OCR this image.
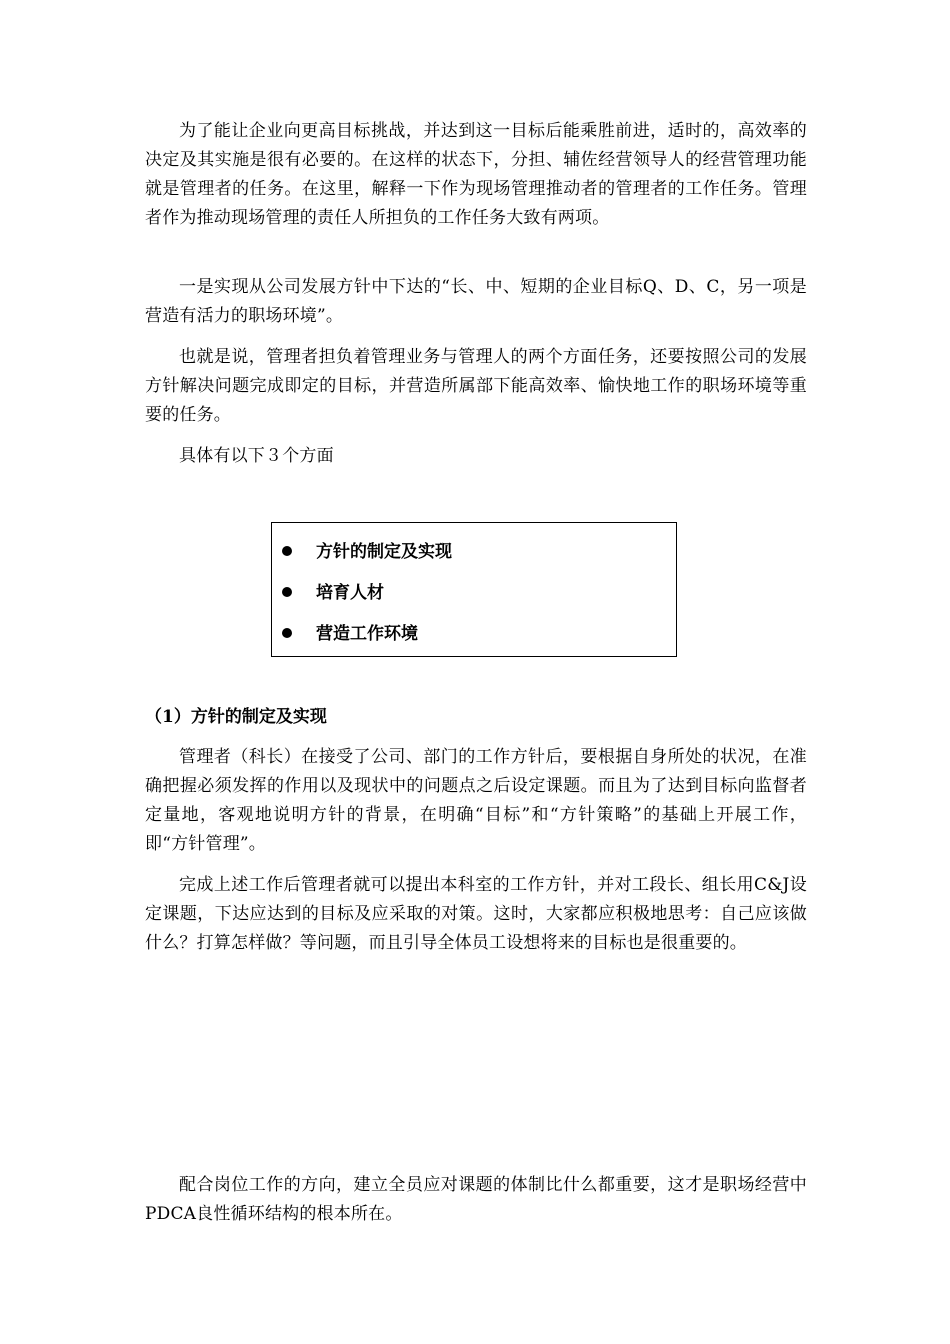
为了能让企业向更高目标挑战，并达到这一目标后能乘胜前进，适时的，高效率的决定及其实施是很有必要的。在这样的状态下，分担、辅佐经营领导人的经营管理功能就是管理者的任务。在这里，解释一下作为现场管理推动者的管理者的工作任务。管理者作为推动现场管理的责任人所担负的工作任务大致有两项。

一是实现从公司发展方针中下达的“长、中、短期的企业目标Q、D、C，另一项是营造有活力的职场环境”。

也就是说，管理者担负着管理业务与管理人的两个方面任务，还要按照公司的发展方针解决问题完成即定的目标，并营造所属部下能高效率、愉快地工作的职场环境等重要的任务。

具体有以下３个方面

方针的制定及实现
培育人材
营造工作环境
（1）方针的制定及实现

管理者（科长）在接受了公司、部门的工作方针后，要根据自身所处的状况，在准确把握必须发挥的作用以及现状中的问题点之后设定课题。而且为了达到目标向监督者定量地，客观地说明方针的背景，在明确“目标”和“方针策略”的基础上开展工作，即“方针管理”。

完成上述工作后管理者就可以提出本科室的工作方针，并对工段长、组长用C&J设定课题，下达应达到的目标及应采取的对策。这时，大家都应积极地思考：自己应该做什么？打算怎样做？等问题，而且引导全体员工设想将来的目标也是很重要的。

配合岗位工作的方向，建立全员应对课题的体制比什么都重要，这才是职场经营中PDCA良性循环结构的根本所在。
